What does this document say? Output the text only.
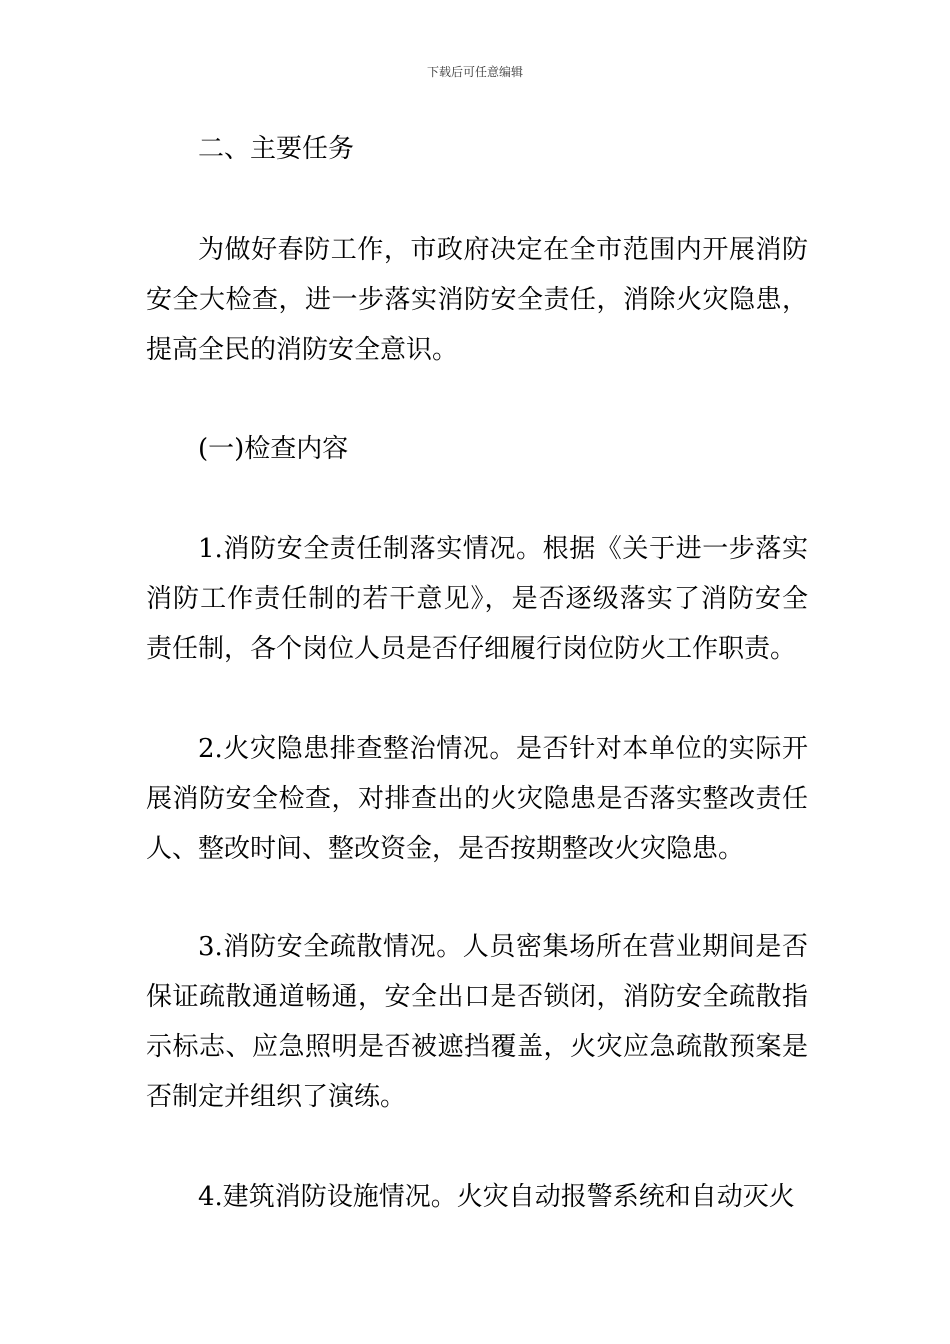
下载后可任意编辑
二、主要任务
为做好春防工作，市政府决定在全市范围内开展消防安全大检查，进一步落实消防安全责任，消除火灾隐患，提高全民的消防安全意识。
(一)检查内容
1.消防安全责任制落实情况。根据《关于进一步落实消防工作责任制的若干意见》，是否逐级落实了消防安全责任制，各个岗位人员是否仔细履行岗位防火工作职责。
2.火灾隐患排查整治情况。是否针对本单位的实际开展消防安全检查，对排查出的火灾隐患是否落实整改责任人、整改时间、整改资金，是否按期整改火灾隐患。
3.消防安全疏散情况。人员密集场所在营业期间是否保证疏散通道畅通，安全出口是否锁闭，消防安全疏散指示标志、应急照明是否被遮挡覆盖，火灾应急疏散预案是否制定并组织了演练。
4.建筑消防设施情况。火灾自动报警系统和自动灭火
